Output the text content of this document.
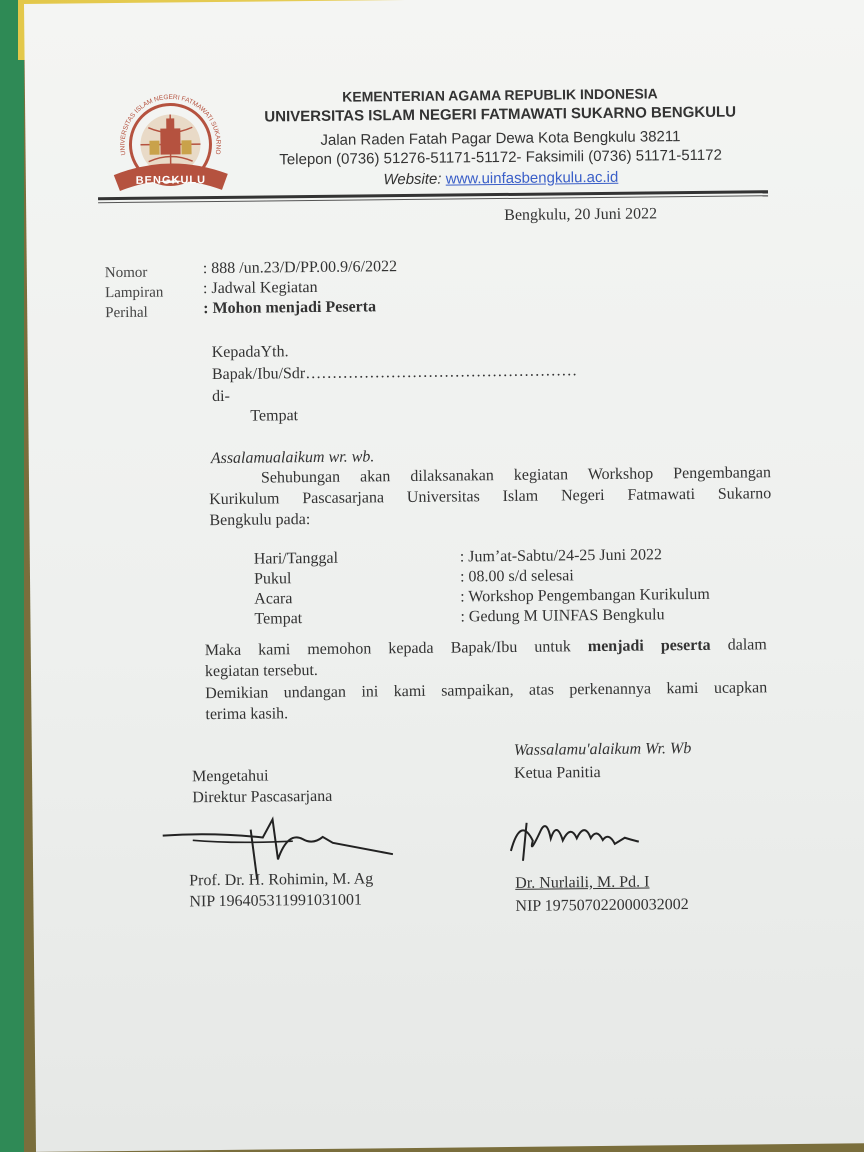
BENGKULU
UNIVERSITAS ISLAM NEGERI FATMAWATI SUKARNO
KEMENTERIAN AGAMA REPUBLIK INDONESIA
UNIVERSITAS ISLAM NEGERI FATMAWATI SUKARNO BENGKULU
Jalan Raden Fatah Pagar Dewa Kota Bengkulu 38211
Telepon (0736) 51276-51171-51172- Faksimili (0736) 51171-51172
Website: www.uinfasbengkulu.ac.id
Bengkulu, 20 Juni 2022
Nomor	: 888 /un.23/D/PP.00.9/6/2022
Lampiran : Jadwal Kegiatan
Perihal	: Mohon menjadi Peserta
KepadaYth.
Bapak/Ibu/Sdr……………………………………………
di-
Tempat
Assalamualaikum wr. wb.
Sehubungan akan dilaksanakan kegiatan Workshop Pengembangan
Kurikulum Pascasarjana Universitas Islam Negeri Fatmawati Sukarno
Bengkulu pada:
Hari/Tanggal	: Jum’at-Sabtu/24-25 Juni 2022
Pukul	: 08.00 s/d selesai
Acara	: Workshop Pengembangan Kurikulum
Tempat	: Gedung M UINFAS Bengkulu
Maka kami memohon kepada Bapak/Ibu untuk menjadi peserta dalam
kegiatan tersebut.
Demikian undangan ini kami sampaikan, atas perkenannya kami ucapkan
terima kasih.
Wassalamu'alaikum Wr. Wb
Ketua Panitia
Mengetahui
Direktur Pascasarjana
Prof. Dr. H. Rohimin, M. Ag
NIP 196405311991031001
Dr. Nurlaili, M. Pd. I
NIP 197507022000032002
